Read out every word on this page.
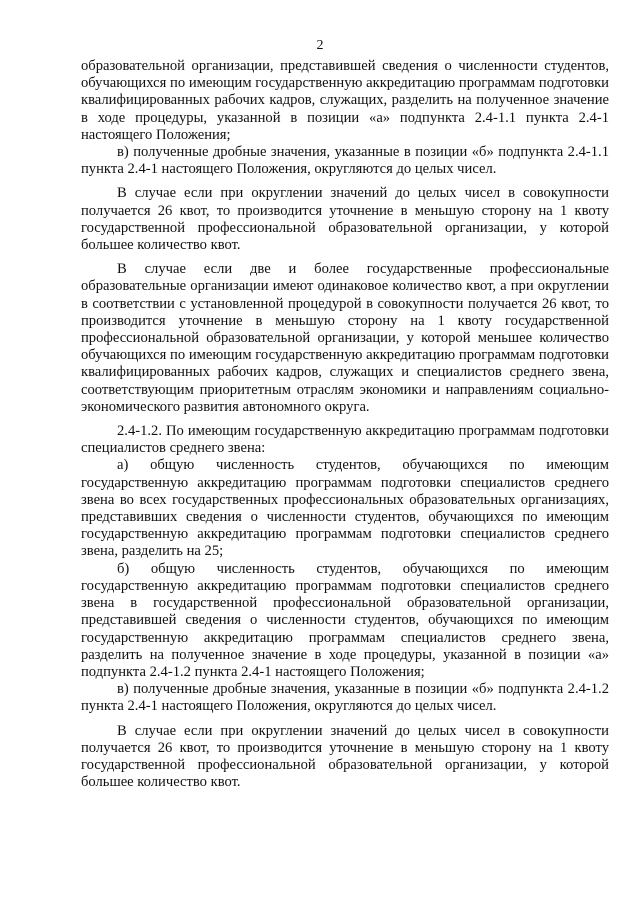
2

образовательной организации, представившей сведения о численности студентов, обучающихся по имеющим государственную аккредитацию программам подготовки квалифицированных рабочих кадров, служащих, разделить на полученное значение в ходе процедуры, указанной в позиции «а» подпункта 2.4-1.1 пункта 2.4-1 настоящего Положения;

в) полученные дробные значения, указанные в позиции «б» подпункта 2.4-1.1 пункта 2.4-1 настоящего Положения, округляются до целых чисел.

В случае если при округлении значений до целых чисел в совокупности получается 26 квот, то производится уточнение в меньшую сторону на 1 квоту государственной профессиональной образовательной организации, у которой большее количество квот.

В случае если две и более государственные профессиональные образовательные организации имеют одинаковое количество квот, а при округлении в соответствии с установленной процедурой в совокупности получается 26 квот, то производится уточнение в меньшую сторону на 1 квоту государственной профессиональной образовательной организации, у которой меньшее количество обучающихся по имеющим государственную аккредитацию программам подготовки квалифицированных рабочих кадров, служащих и специалистов среднего звена, соответствующим приоритетным отраслям экономики и направлениям социально-экономического развития автономного округа.

2.4-1.2. По имеющим государственную аккредитацию программам подготовки специалистов среднего звена:

а) общую численность студентов, обучающихся по имеющим государственную аккредитацию программам подготовки специалистов среднего звена во всех государственных профессиональных образовательных организациях, представивших сведения о численности студентов, обучающихся по имеющим государственную аккредитацию программам подготовки специалистов среднего звена, разделить на 25;

б) общую численность студентов, обучающихся по имеющим государственную аккредитацию программам подготовки специалистов среднего звена в государственной профессиональной образовательной организации, представившей сведения о численности студентов, обучающихся по имеющим государственную аккредитацию программам специалистов среднего звена, разделить на полученное значение в ходе процедуры, указанной в позиции «а» подпункта 2.4-1.2 пункта 2.4-1 настоящего Положения;

в) полученные дробные значения, указанные в позиции «б» подпункта 2.4-1.2 пункта 2.4-1 настоящего Положения, округляются до целых чисел.

В случае если при округлении значений до целых чисел в совокупности получается 26 квот, то производится уточнение в меньшую сторону на 1 квоту государственной профессиональной образовательной организации, у которой большее количество квот.
